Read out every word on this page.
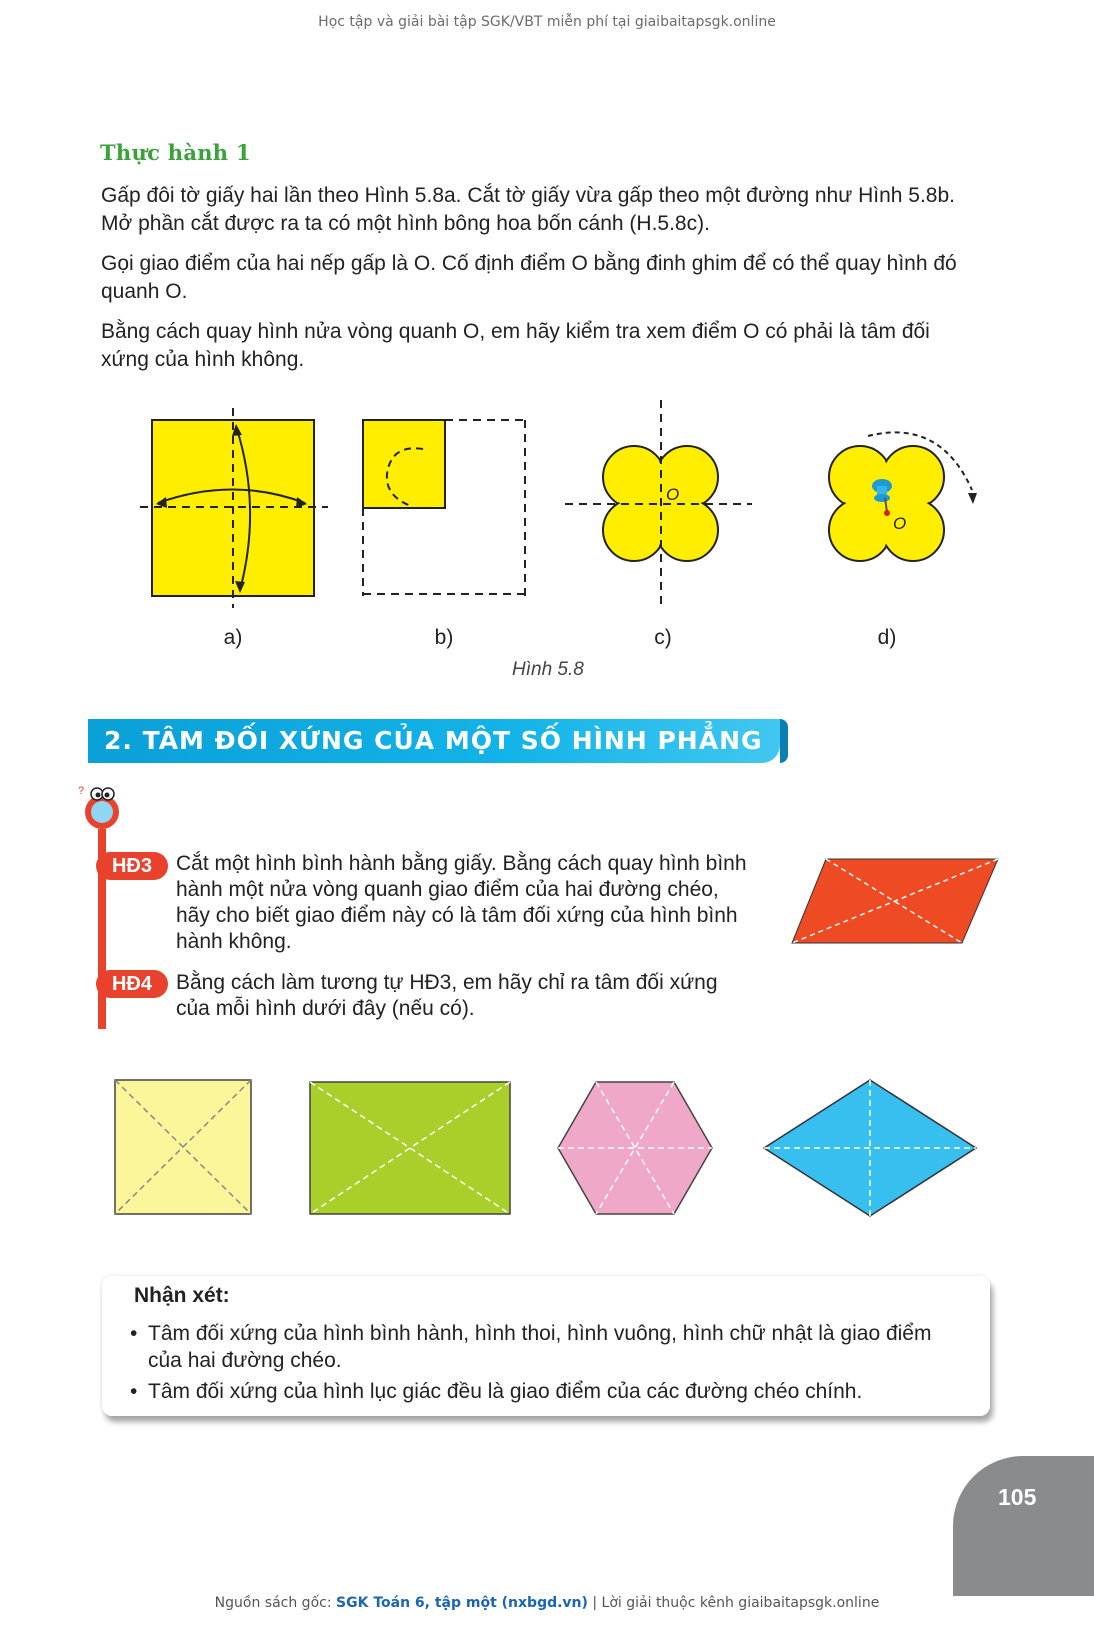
Học tập và giải bài tập SGK/VBT miễn phí tại giaibaitapsgk.online
Thực hành 1
Gấp đôi tờ giấy hai lần theo Hình 5.8a. Cắt tờ giấy vừa gấp theo một đường như Hình 5.8b.
Mở phần cắt được ra ta có một hình bông hoa bốn cánh (H.5.8c).
Gọi giao điểm của hai nếp gấp là O. Cố định điểm O bằng đinh ghim để có thể quay hình đó
quanh O.
Bằng cách quay hình nửa vòng quanh O, em hãy kiểm tra xem điểm O có phải là tâm đối
xứng của hình không.
O
O
a)	b)	c)	d)
Hình 5.8
2. TÂM ĐỐI XỨNG CỦA MỘT SỐ HÌNH PHẲNG
?
HĐ3	Cắt một hình bình hành bằng giấy. Bằng cách quay hình bình
hành một nửa vòng quanh giao điểm của hai đường chéo,
hãy cho biết giao điểm này có là tâm đối xứng của hình bình
hành không.
HĐ4	Bằng cách làm tương tự HĐ3, em hãy chỉ ra tâm đối xứng
của mỗi hình dưới đây (nếu có).
Nhận xét:
• Tâm đối xứng của hình bình hành, hình thoi, hình vuông, hình chữ nhật là giao điểm
của hai đường chéo.
• Tâm đối xứng của hình lục giác đều là giao điểm của các đường chéo chính.
105
Nguồn sách gốc: SGK Toán 6, tập một (nxbgd.vn) | Lời giải thuộc kênh giaibaitapsgk.online
